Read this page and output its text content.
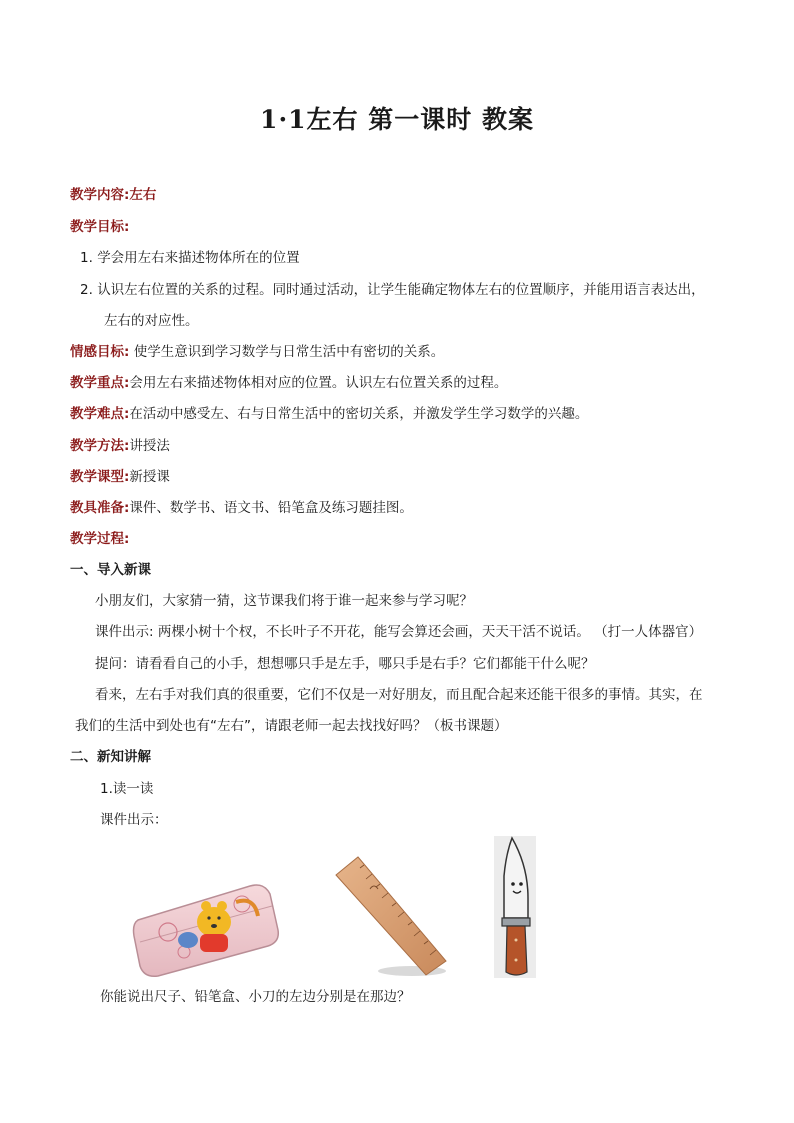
1·1左右 第一课时 教案
教学内容:左右
教学目标:
1. 学会用左右来描述物体所在的位置
2. 认识左右位置的关系的过程。同时通过活动，让学生能确定物体左右的位置顺序，并能用语言表达出，
左右的对应性。
情感目标: 使学生意识到学习数学与日常生活中有密切的关系。
教学重点:会用左右来描述物体相对应的位置。认识左右位置关系的过程。
教学难点:在活动中感受左、右与日常生活中的密切关系，并激发学生学习数学的兴趣。
教学方法:讲授法
教学课型:新授课
教具准备:课件、数学书、语文书、铅笔盒及练习题挂图。
教学过程:
一、导入新课
小朋友们，大家猜一猜，这节课我们将于谁一起来参与学习呢？
课件出示: 两棵小树十个杈，不长叶子不开花，能写会算还会画，天天干活不说话。 （打一人体器官）
提问：请看看自己的小手，想想哪只手是左手，哪只手是右手？它们都能干什么呢？
看来，左右手对我们真的很重要，它们不仅是一对好朋友，而且配合起来还能干很多的事情。其实，在
我们的生活中到处也有“左右”，请跟老师一起去找找好吗？（板书课题）
二、新知讲解
1.读一读
课件出示：
你能说出尺子、铅笔盒、小刀的左边分别是在那边？
